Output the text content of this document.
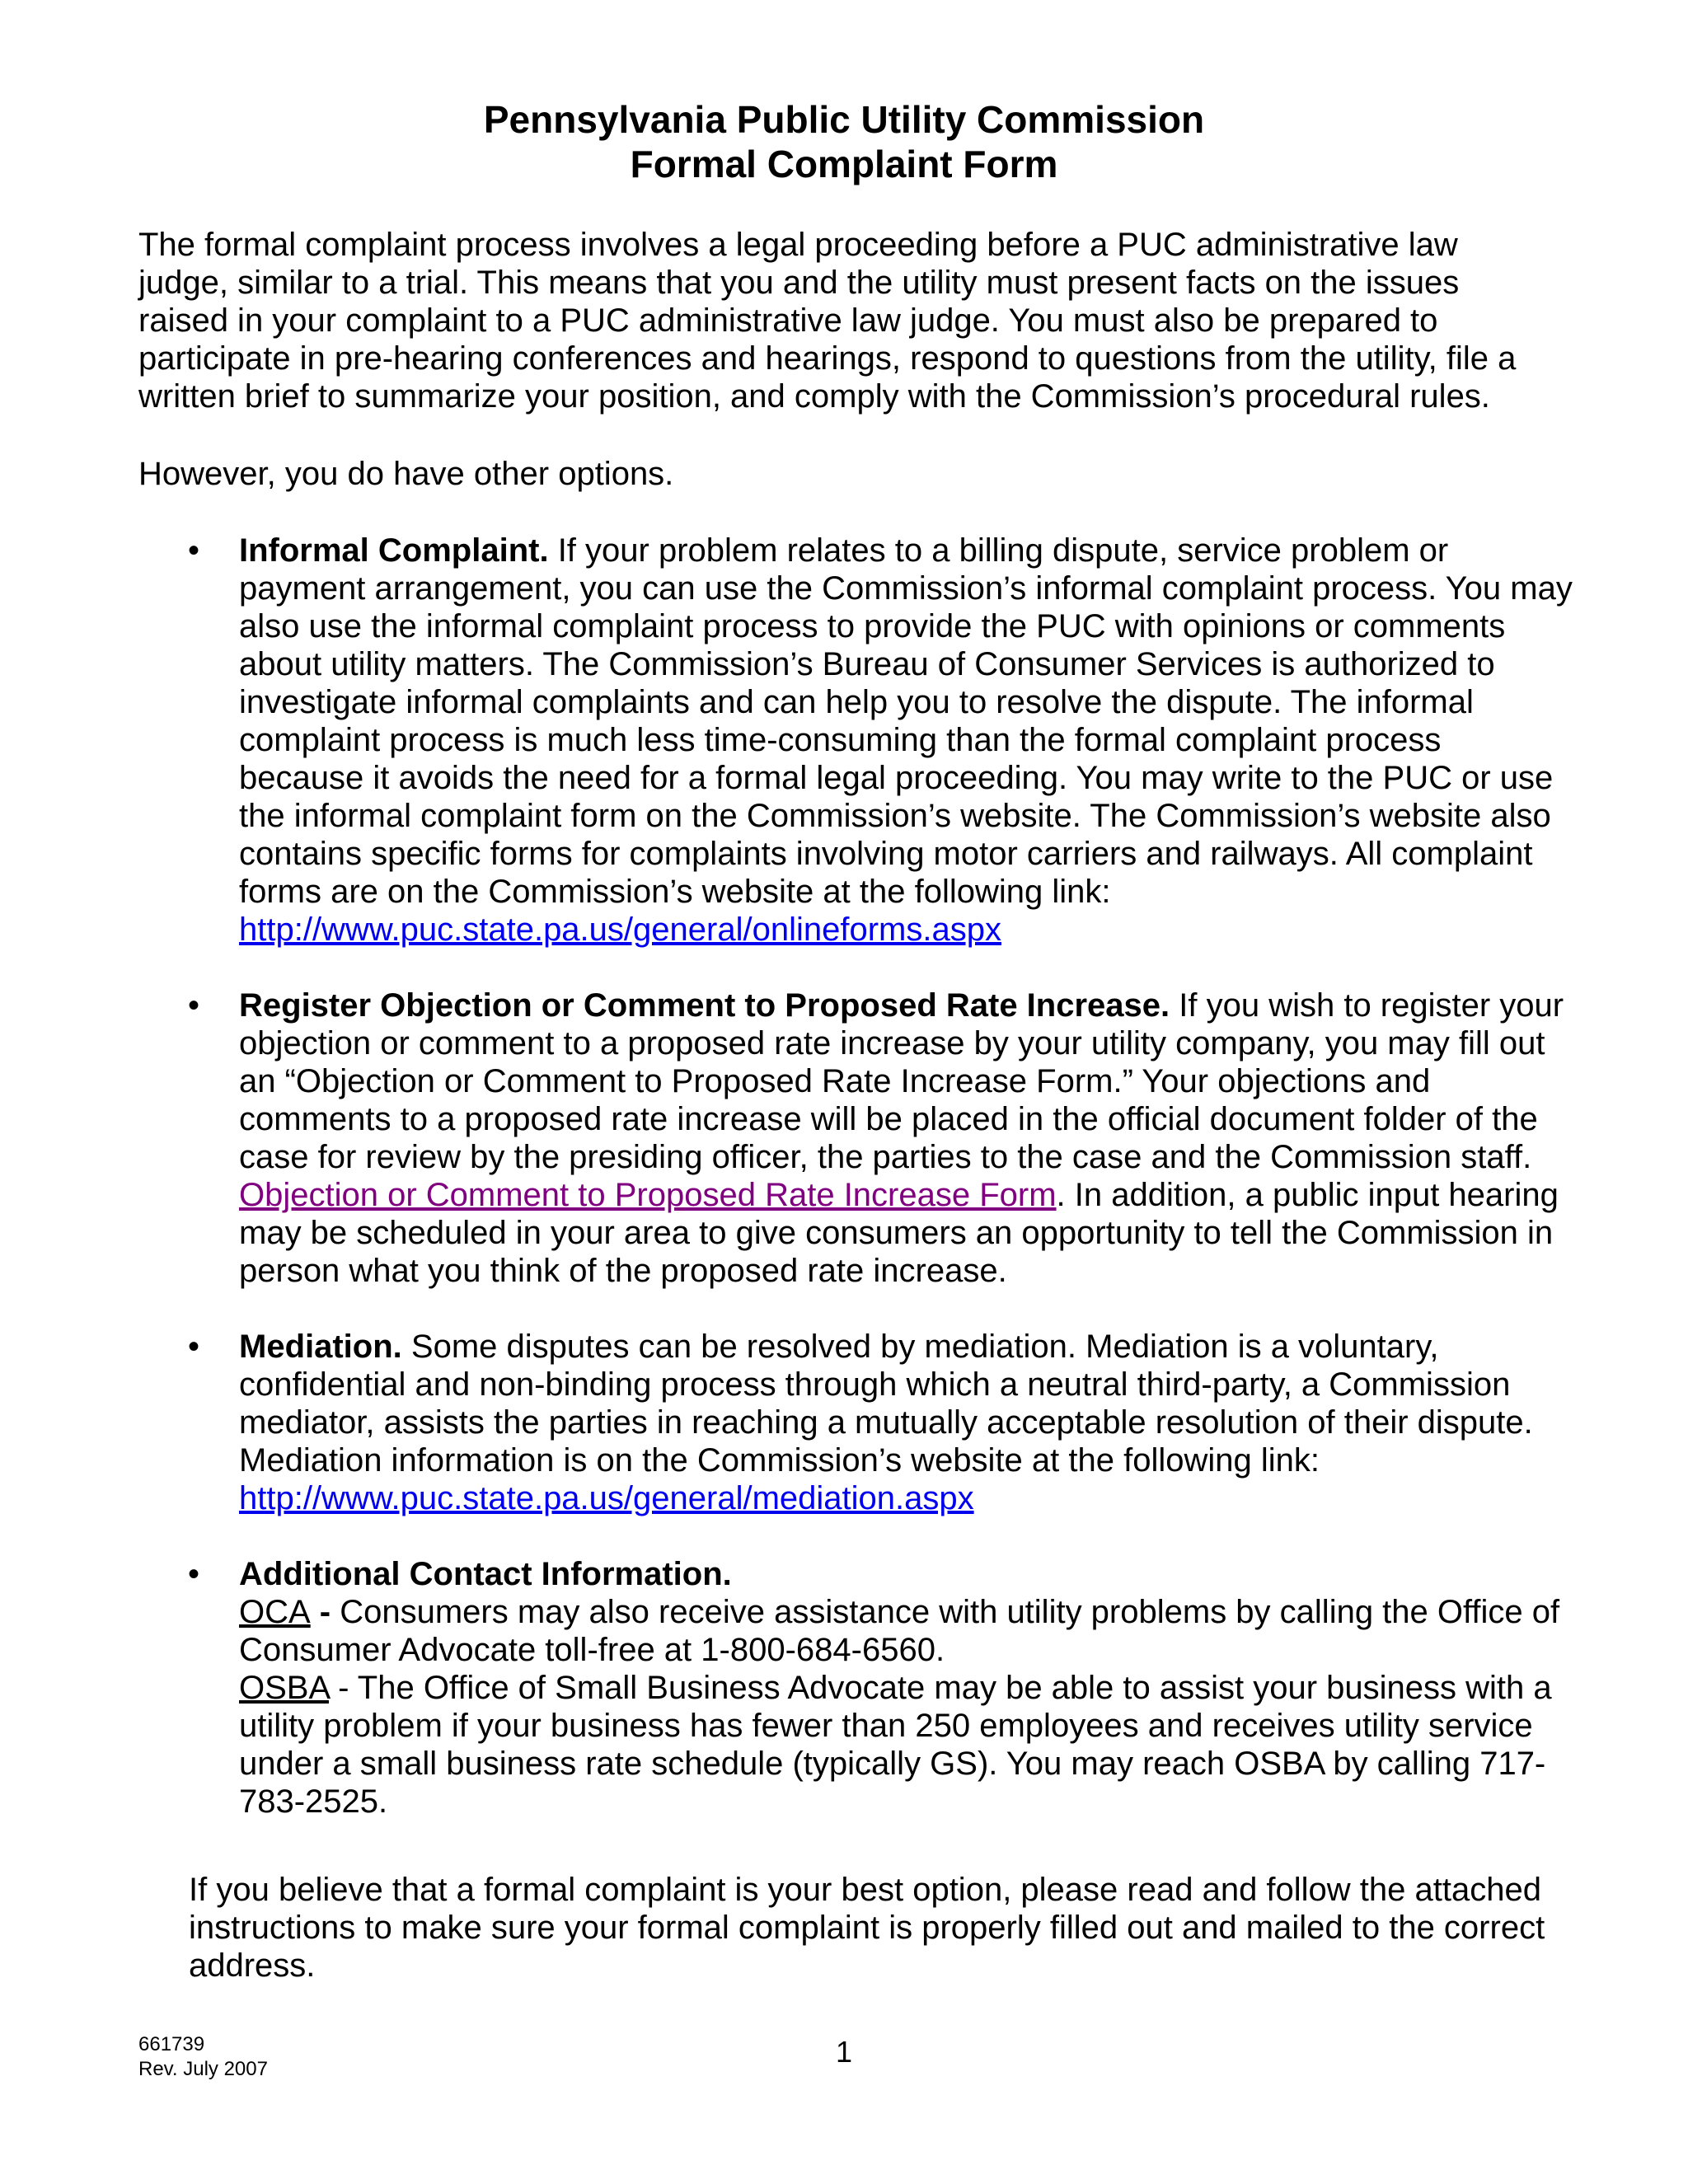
Pennsylvania Public Utility Commission
Formal Complaint Form
The formal complaint process involves a legal proceeding before a PUC administrative law judge, similar to a trial. This means that you and the utility must present facts on the issues raised in your complaint to a PUC administrative law judge. You must also be prepared to participate in pre-hearing conferences and hearings, respond to questions from the utility, file a written brief to summarize your position, and comply with the Commission’s procedural rules.
However, you do have other options.
• Informal Complaint. If your problem relates to a billing dispute, service problem or payment arrangement, you can use the Commission’s informal complaint process. You may also use the informal complaint process to provide the PUC with opinions or comments about utility matters. The Commission’s Bureau of Consumer Services is authorized to investigate informal complaints and can help you to resolve the dispute. The informal complaint process is much less time-consuming than the formal complaint process because it avoids the need for a formal legal proceeding. You may write to the PUC or use the informal complaint form on the Commission’s website. The Commission’s website also contains specific forms for complaints involving motor carriers and railways. All complaint forms are on the Commission’s website at the following link:
http://www.puc.state.pa.us/general/onlineforms.aspx
• Register Objection or Comment to Proposed Rate Increase. If you wish to register your objection or comment to a proposed rate increase by your utility company, you may fill out an “Objection or Comment to Proposed Rate Increase Form.” Your objections and comments to a proposed rate increase will be placed in the official document folder of the case for review by the presiding officer, the parties to the case and the Commission staff. Objection or Comment to Proposed Rate Increase Form. In addition, a public input hearing may be scheduled in your area to give consumers an opportunity to tell the Commission in person what you think of the proposed rate increase.
• Mediation. Some disputes can be resolved by mediation. Mediation is a voluntary, confidential and non-binding process through which a neutral third-party, a Commission mediator, assists the parties in reaching a mutually acceptable resolution of their dispute. Mediation information is on the Commission’s website at the following link:
http://www.puc.state.pa.us/general/mediation.aspx
• Additional Contact Information.
OCA - Consumers may also receive assistance with utility problems by calling the Office of Consumer Advocate toll-free at 1-800-684-6560.
OSBA - The Office of Small Business Advocate may be able to assist your business with a utility problem if your business has fewer than 250 employees and receives utility service under a small business rate schedule (typically GS). You may reach OSBA by calling 717-783-2525.
If you believe that a formal complaint is your best option, please read and follow the attached instructions to make sure your formal complaint is properly filled out and mailed to the correct address.
661739
Rev. July 2007
1
